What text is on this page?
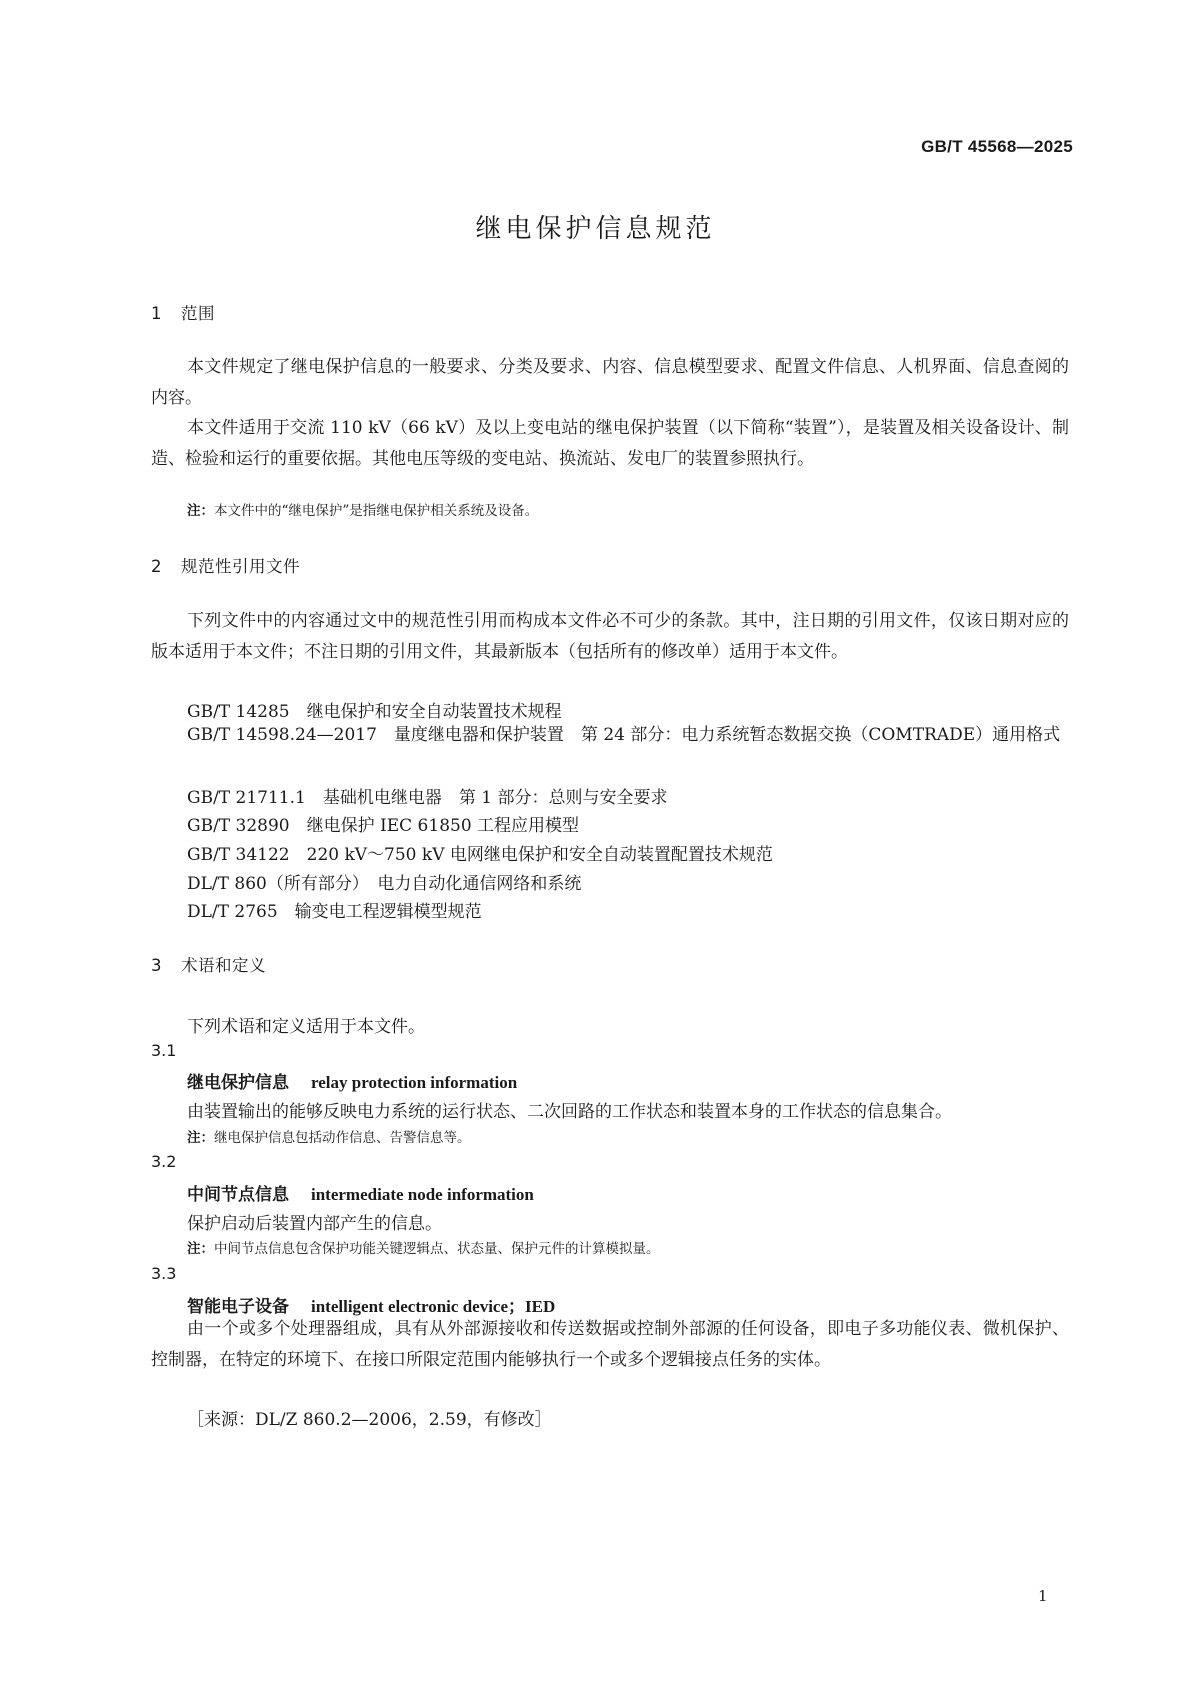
GB/T 45568—2025
继电保护信息规范
1 范围
本文件规定了继电保护信息的一般要求、分类及要求、内容、信息模型要求、配置文件信息、人机界面、信息查阅的内容。
本文件适用于交流 110 kV（66 kV）及以上变电站的继电保护装置（以下简称“装置”），是装置及相关设备设计、制造、检验和运行的重要依据。其他电压等级的变电站、换流站、发电厂的装置参照执行。
注：本文件中的“继电保护”是指继电保护相关系统及设备。
2 规范性引用文件
下列文件中的内容通过文中的规范性引用而构成本文件必不可少的条款。其中，注日期的引用文件，仅该日期对应的版本适用于本文件；不注日期的引用文件，其最新版本（包括所有的修改单）适用于本文件。
GB/T 14285　继电保护和安全自动装置技术规程
GB/T 14598.24—2017　量度继电器和保护装置　第 24 部分：电力系统暂态数据交换（COMTRADE）通用格式
GB/T 21711.1　基础机电继电器　第 1 部分：总则与安全要求
GB/T 32890　继电保护 IEC 61850 工程应用模型
GB/T 34122　220 kV～750 kV 电网继电保护和安全自动装置配置技术规范
DL/T 860（所有部分）　电力自动化通信网络和系统
DL/T 2765　输变电工程逻辑模型规范
3 术语和定义
下列术语和定义适用于本文件。
3.1
继电保护信息 relay protection information
由装置输出的能够反映电力系统的运行状态、二次回路的工作状态和装置本身的工作状态的信息集合。
注：继电保护信息包括动作信息、告警信息等。
3.2
中间节点信息 intermediate node information
保护启动后装置内部产生的信息。
注：中间节点信息包含保护功能关键逻辑点、状态量、保护元件的计算模拟量。
3.3
智能电子设备 intelligent electronic device；IED
由一个或多个处理器组成，具有从外部源接收和传送数据或控制外部源的任何设备，即电子多功能仪表、微机保护、控制器，在特定的环境下、在接口所限定范围内能够执行一个或多个逻辑接点任务的实体。
［来源：DL/Z 860.2—2006，2.59，有修改］
1
